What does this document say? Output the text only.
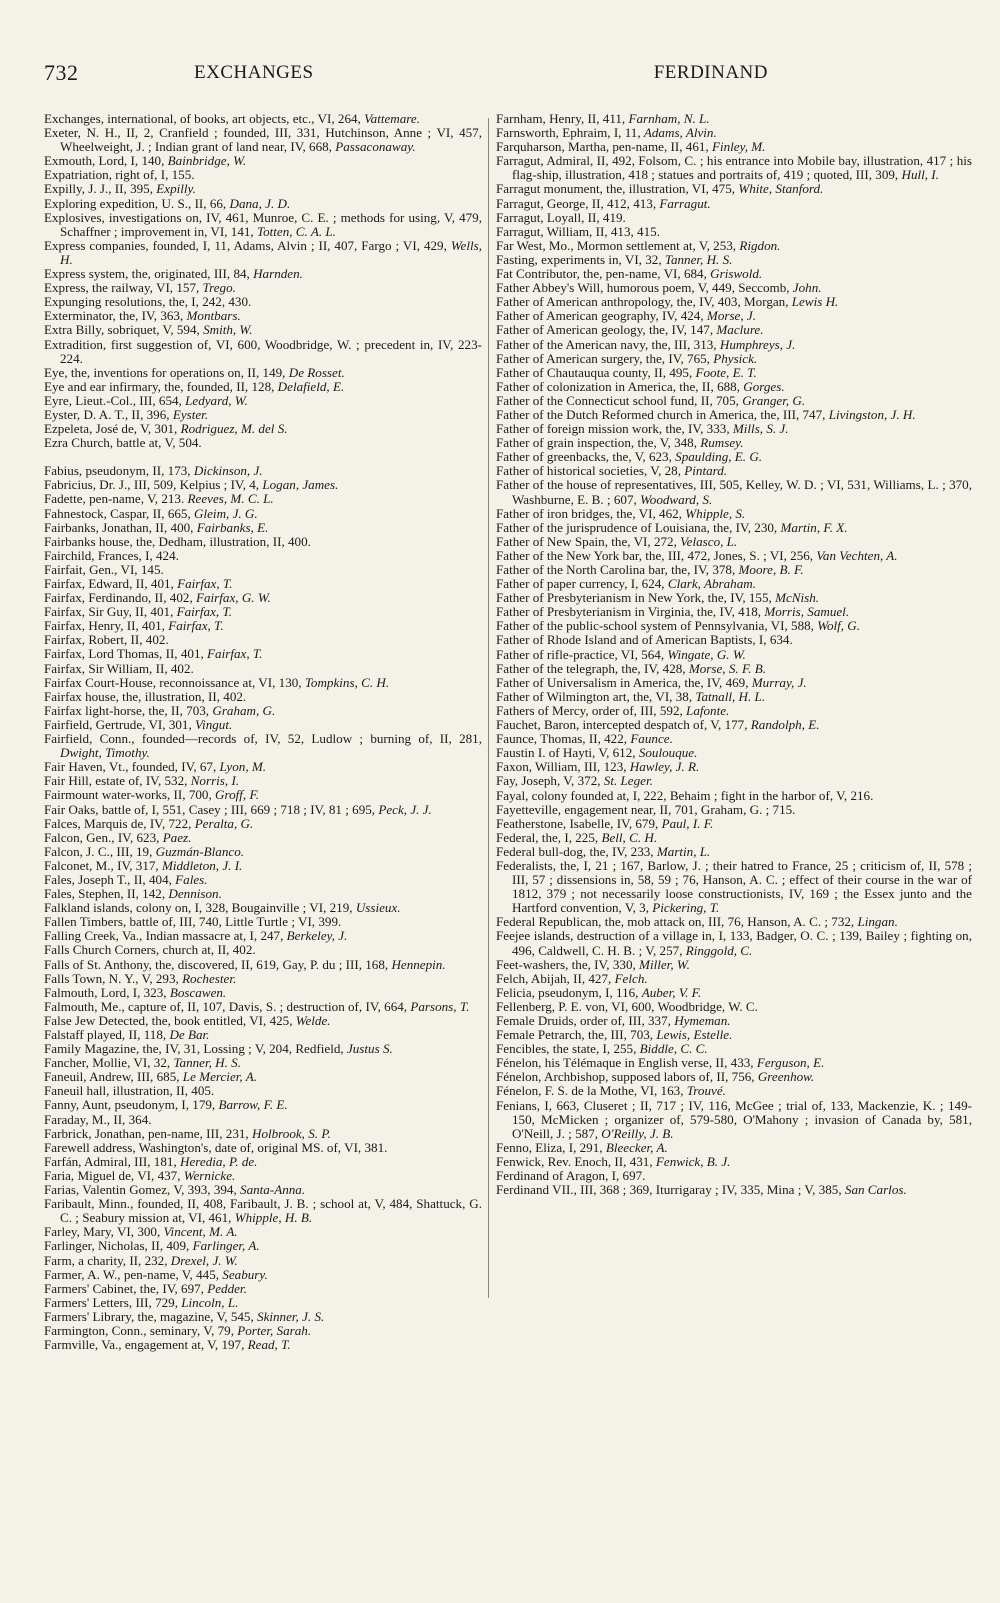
732	EXCHANGES	FERDINAND

Exchanges, international, of books, art objects, etc., VI, 264, Vattemare.

Exeter, N. H., II, 2, Cranfield ; founded, III, 331, Hutchinson, Anne ; VI, 457, Wheelweight, J. ; Indian grant of land near, IV, 668, Passaconaway.

Exmouth, Lord, I, 140, Bainbridge, W.

Expatriation, right of, I, 155.

Expilly, J. J., II, 395, Expilly.

Exploring expedition, U. S., II, 66, Dana, J. D.

Explosives, investigations on, IV, 461, Munroe, C. E. ; methods for using, V, 479, Schaffner ; improvement in, VI, 141, Totten, C. A. L.

Express companies, founded, I, 11, Adams, Alvin ; II, 407, Fargo ; VI, 429, Wells, H.

Express system, the, originated, III, 84, Harnden.

Express, the railway, VI, 157, Trego.

Expunging resolutions, the, I, 242, 430.

Exterminator, the, IV, 363, Montbars.

Extra Billy, sobriquet, V, 594, Smith, W.

Extradition, first suggestion of, VI, 600, Woodbridge, W. ; precedent in, IV, 223-224.

Eye, the, inventions for operations on, II, 149, De Rosset.

Eye and ear infirmary, the, founded, II, 128, Delafield, E.

Eyre, Lieut.-Col., III, 654, Ledyard, W.

Eyster, D. A. T., II, 396, Eyster.

Ezpeleta, José de, V, 301, Rodriguez, M. del S.

Ezra Church, battle at, V, 504.

Fabius, pseudonym, II, 173, Dickinson, J.

Fabricius, Dr. J., III, 509, Kelpius ; IV, 4, Logan, James.

Fadette, pen-name, V, 213. Reeves, M. C. L.

Fahnestock, Caspar, II, 665, Gleim, J. G.

Fairbanks, Jonathan, II, 400, Fairbanks, E.

Fairbanks house, the, Dedham, illustration, II, 400.

Fairchild, Frances, I, 424.

Fairfait, Gen., VI, 145.

Fairfax, Edward, II, 401, Fairfax, T.

Fairfax, Ferdinando, II, 402, Fairfax, G. W.

Fairfax, Sir Guy, II, 401, Fairfax, T.

Fairfax, Henry, II, 401, Fairfax, T.

Fairfax, Robert, II, 402.

Fairfax, Lord Thomas, II, 401, Fairfax, T.

Fairfax, Sir William, II, 402.

Fairfax Court-House, reconnoissance at, VI, 130, Tompkins, C. H.

Fairfax house, the, illustration, II, 402.

Fairfax light-horse, the, II, 703, Graham, G.

Fairfield, Gertrude, VI, 301, Vingut.

Fairfield, Conn., founded—records of, IV, 52, Ludlow ; burning of, II, 281, Dwight, Timothy.

Fair Haven, Vt., founded, IV, 67, Lyon, M.

Fair Hill, estate of, IV, 532, Norris, I.

Fairmount water-works, II, 700, Groff, F.

Fair Oaks, battle of, I, 551, Casey ; III, 669 ; 718 ; IV, 81 ; 695, Peck, J. J.

Falces, Marquis de, IV, 722, Peralta, G.

Falcon, Gen., IV, 623, Paez.

Falcon, J. C., III, 19, Guzmán-Blanco.

Falconet, M., IV, 317, Middleton, J. I.

Fales, Joseph T., II, 404, Fales.

Fales, Stephen, II, 142, Dennison.

Falkland islands, colony on, I, 328, Bougainville ; VI, 219, Ussieux.

Fallen Timbers, battle of, III, 740, Little Turtle ; VI, 399.

Falling Creek, Va., Indian massacre at, I, 247, Berkeley, J.

Falls Church Corners, church at, II, 402.

Falls of St. Anthony, the, discovered, II, 619, Gay, P. du ; III, 168, Hennepin.

Falls Town, N. Y., V, 293, Rochester.

Falmouth, Lord, I, 323, Boscawen.

Falmouth, Me., capture of, II, 107, Davis, S. ; destruction of, IV, 664, Parsons, T.

False Jew Detected, the, book entitled, VI, 425, Welde.

Falstaff played, II, 118, De Bar.

Family Magazine, the, IV, 31, Lossing ; V, 204, Redfield, Justus S.

Fancher, Mollie, VI, 32, Tanner, H. S.

Faneuil, Andrew, III, 685, Le Mercier, A.

Faneuil hall, illustration, II, 405.

Fanny, Aunt, pseudonym, I, 179, Barrow, F. E.

Faraday, M., II, 364.

Farbrick, Jonathan, pen-name, III, 231, Holbrook, S. P.

Farewell address, Washington's, date of, original MS. of, VI, 381.

Farfán, Admiral, III, 181, Heredia, P. de.

Faria, Miguel de, VI, 437, Wernicke.

Farias, Valentin Gomez, V, 393, 394, Santa-Anna.

Faribault, Minn., founded, II, 408, Faribault, J. B. ; school at, V, 484, Shattuck, G. C. ; Seabury mission at, VI, 461, Whipple, H. B.

Farley, Mary, VI, 300, Vincent, M. A.

Farlinger, Nicholas, II, 409, Farlinger, A.

Farm, a charity, II, 232, Drexel, J. W.

Farmer, A. W., pen-name, V, 445, Seabury.

Farmers' Cabinet, the, IV, 697, Pedder.

Farmers' Letters, III, 729, Lincoln, L.

Farmers' Library, the, magazine, V, 545, Skinner, J. S.

Farmington, Conn., seminary, V, 79, Porter, Sarah.

Farmville, Va., engagement at, V, 197, Read, T.

Farnham, Henry, II, 411, Farnham, N. L.

Farnsworth, Ephraim, I, 11, Adams, Alvin.

Farquharson, Martha, pen-name, II, 461, Finley, M.

Farragut, Admiral, II, 492, Folsom, C. ; his entrance into Mobile bay, illustration, 417 ; his flag-ship, illustration, 418 ; statues and portraits of, 419 ; quoted, III, 309, Hull, I.

Farragut monument, the, illustration, VI, 475, White, Stanford.

Farragut, George, II, 412, 413, Farragut.

Farragut, Loyall, II, 419.

Farragut, William, II, 413, 415.

Far West, Mo., Mormon settlement at, V, 253, Rigdon.

Fasting, experiments in, VI, 32, Tanner, H. S.

Fat Contributor, the, pen-name, VI, 684, Griswold.

Father Abbey's Will, humorous poem, V, 449, Seccomb, John.

Father of American anthropology, the, IV, 403, Morgan, Lewis H.

Father of American geography, IV, 424, Morse, J.

Father of American geology, the, IV, 147, Maclure.

Father of the American navy, the, III, 313, Humphreys, J.

Father of American surgery, the, IV, 765, Physick.

Father of Chautauqua county, II, 495, Foote, E. T.

Father of colonization in America, the, II, 688, Gorges.

Father of the Connecticut school fund, II, 705, Granger, G.

Father of the Dutch Reformed church in America, the, III, 747, Livingston, J. H.

Father of foreign mission work, the, IV, 333, Mills, S. J.

Father of grain inspection, the, V, 348, Rumsey.

Father of greenbacks, the, V, 623, Spaulding, E. G.

Father of historical societies, V, 28, Pintard.

Father of the house of representatives, III, 505, Kelley, W. D. ; VI, 531, Williams, L. ; 370, Washburne, E. B. ; 607, Woodward, S.

Father of iron bridges, the, VI, 462, Whipple, S.

Father of the jurisprudence of Louisiana, the, IV, 230, Martin, F. X.

Father of New Spain, the, VI, 272, Velasco, L.

Father of the New York bar, the, III, 472, Jones, S. ; VI, 256, Van Vechten, A.

Father of the North Carolina bar, the, IV, 378, Moore, B. F.

Father of paper currency, I, 624, Clark, Abraham.

Father of Presbyterianism in New York, the, IV, 155, McNish.

Father of Presbyterianism in Virginia, the, IV, 418, Morris, Samuel.

Father of the public-school system of Pennsylvania, VI, 588, Wolf, G.

Father of Rhode Island and of American Baptists, I, 634.

Father of rifle-practice, VI, 564, Wingate, G. W.

Father of the telegraph, the, IV, 428, Morse, S. F. B.

Father of Universalism in America, the, IV, 469, Murray, J.

Father of Wilmington art, the, VI, 38, Tatnall, H. L.

Fathers of Mercy, order of, III, 592, Lafonte.

Fauchet, Baron, intercepted despatch of, V, 177, Randolph, E.

Faunce, Thomas, II, 422, Faunce.

Faustin I. of Hayti, V, 612, Soulouque.

Faxon, William, III, 123, Hawley, J. R.

Fay, Joseph, V, 372, St. Leger.

Fayal, colony founded at, I, 222, Behaim ; fight in the harbor of, V, 216.

Fayetteville, engagement near, II, 701, Graham, G. ; 715.

Featherstone, Isabelle, IV, 679, Paul, I. F.

Federal, the, I, 225, Bell, C. H.

Federal bull-dog, the, IV, 233, Martin, L.

Federalists, the, I, 21 ; 167, Barlow, J. ; their hatred to France, 25 ; criticism of, II, 578 ; III, 57 ; dissensions in, 58, 59 ; 76, Hanson, A. C. ; effect of their course in the war of 1812, 379 ; not necessarily loose constructionists, IV, 169 ; the Essex junto and the Hartford convention, V, 3, Pickering, T.

Federal Republican, the, mob attack on, III, 76, Hanson, A. C. ; 732, Lingan.

Feejee islands, destruction of a village in, I, 133, Badger, O. C. ; 139, Bailey ; fighting on, 496, Caldwell, C. H. B. ; V, 257, Ringgold, C.

Feet-washers, the, IV, 330, Miller, W.

Felch, Abijah, II, 427, Felch.

Felicia, pseudonym, I, 116, Auber, V. F.

Fellenberg, P. E. von, VI, 600, Woodbridge, W. C.

Female Druids, order of, III, 337, Hymeman.

Female Petrarch, the, III, 703, Lewis, Estelle.

Fencibles, the state, I, 255, Biddle, C. C.

Fénelon, his Télémaque in English verse, II, 433, Ferguson, E.

Fénelon, Archbishop, supposed labors of, II, 756, Greenhow.

Fénelon, F. S. de la Mothe, VI, 163, Trouvé.

Fenians, I, 663, Cluseret ; II, 717 ; IV, 116, McGee ; trial of, 133, Mackenzie, K. ; 149-150, McMicken ; organizer of, 579-580, O'Mahony ; invasion of Canada by, 581, O'Neill, J. ; 587, O'Reilly, J. B.

Fenno, Eliza, I, 291, Bleecker, A.

Fenwick, Rev. Enoch, II, 431, Fenwick, B. J.

Ferdinand of Aragon, I, 697.

Ferdinand VII., III, 368 ; 369, Iturrigaray ; IV, 335, Mina ; V, 385, San Carlos.
